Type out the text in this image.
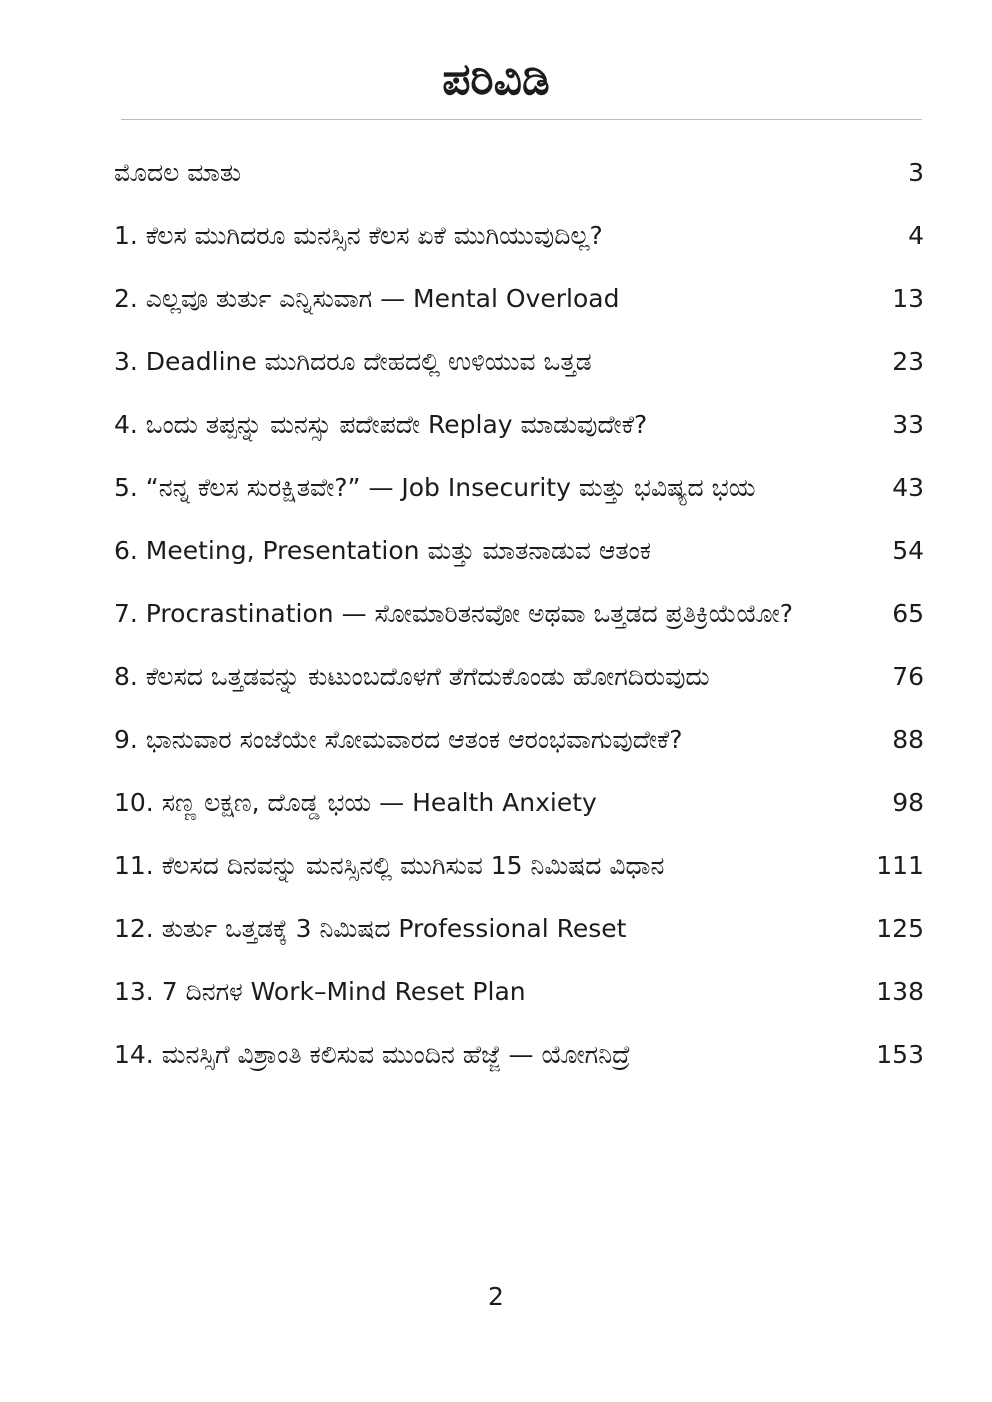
ಪರಿವಿಡಿ
ಮೊದಲ ಮಾತು	3
1. ಕೆಲಸ ಮುಗಿದರೂ ಮನಸ್ಸಿನ ಕೆಲಸ ಏಕೆ ಮುಗಿಯುವುದಿಲ್ಲ?	4
2. ಎಲ್ಲವೂ ತುರ್ತು ಎನ್ನಿಸುವಾಗ — Mental Overload	13
3. Deadline ಮುಗಿದರೂ ದೇಹದಲ್ಲಿ ಉಳಿಯುವ ಒತ್ತಡ	23
4. ಒಂದು ತಪ್ಪನ್ನು ಮನಸ್ಸು ಪದೇಪದೇ Replay ಮಾಡುವುದೇಕೆ?	33
5. “ನನ್ನ ಕೆಲಸ ಸುರಕ್ಷಿತವೇ?” — Job Insecurity ಮತ್ತು ಭವಿಷ್ಯದ ಭಯ	43
6. Meeting, Presentation ಮತ್ತು ಮಾತನಾಡುವ ಆತಂಕ	54
7. Procrastination — ಸೋಮಾರಿತನವೋ ಅಥವಾ ಒತ್ತಡದ ಪ್ರತಿಕ್ರಿಯೆಯೋ?	65
8. ಕೆಲಸದ ಒತ್ತಡವನ್ನು ಕುಟುಂಬದೊಳಗೆ ತೆಗೆದುಕೊಂಡು ಹೋಗದಿರುವುದು	76
9. ಭಾನುವಾರ ಸಂಜೆಯೇ ಸೋಮವಾರದ ಆತಂಕ ಆರಂಭವಾಗುವುದೇಕೆ?	88
10. ಸಣ್ಣ ಲಕ್ಷಣ, ದೊಡ್ಡ ಭಯ — Health Anxiety	98
11. ಕೆಲಸದ ದಿನವನ್ನು ಮನಸ್ಸಿನಲ್ಲಿ ಮುಗಿಸುವ 15 ನಿಮಿಷದ ವಿಧಾನ	111
12. ತುರ್ತು ಒತ್ತಡಕ್ಕೆ 3 ನಿಮಿಷದ Professional Reset	125
13. 7 ದಿನಗಳ Work–Mind Reset Plan	138
14. ಮನಸ್ಸಿಗೆ ವಿಶ್ರಾಂತಿ ಕಲಿಸುವ ಮುಂದಿನ ಹೆಜ್ಜೆ — ಯೋಗನಿದ್ರೆ	153
2
